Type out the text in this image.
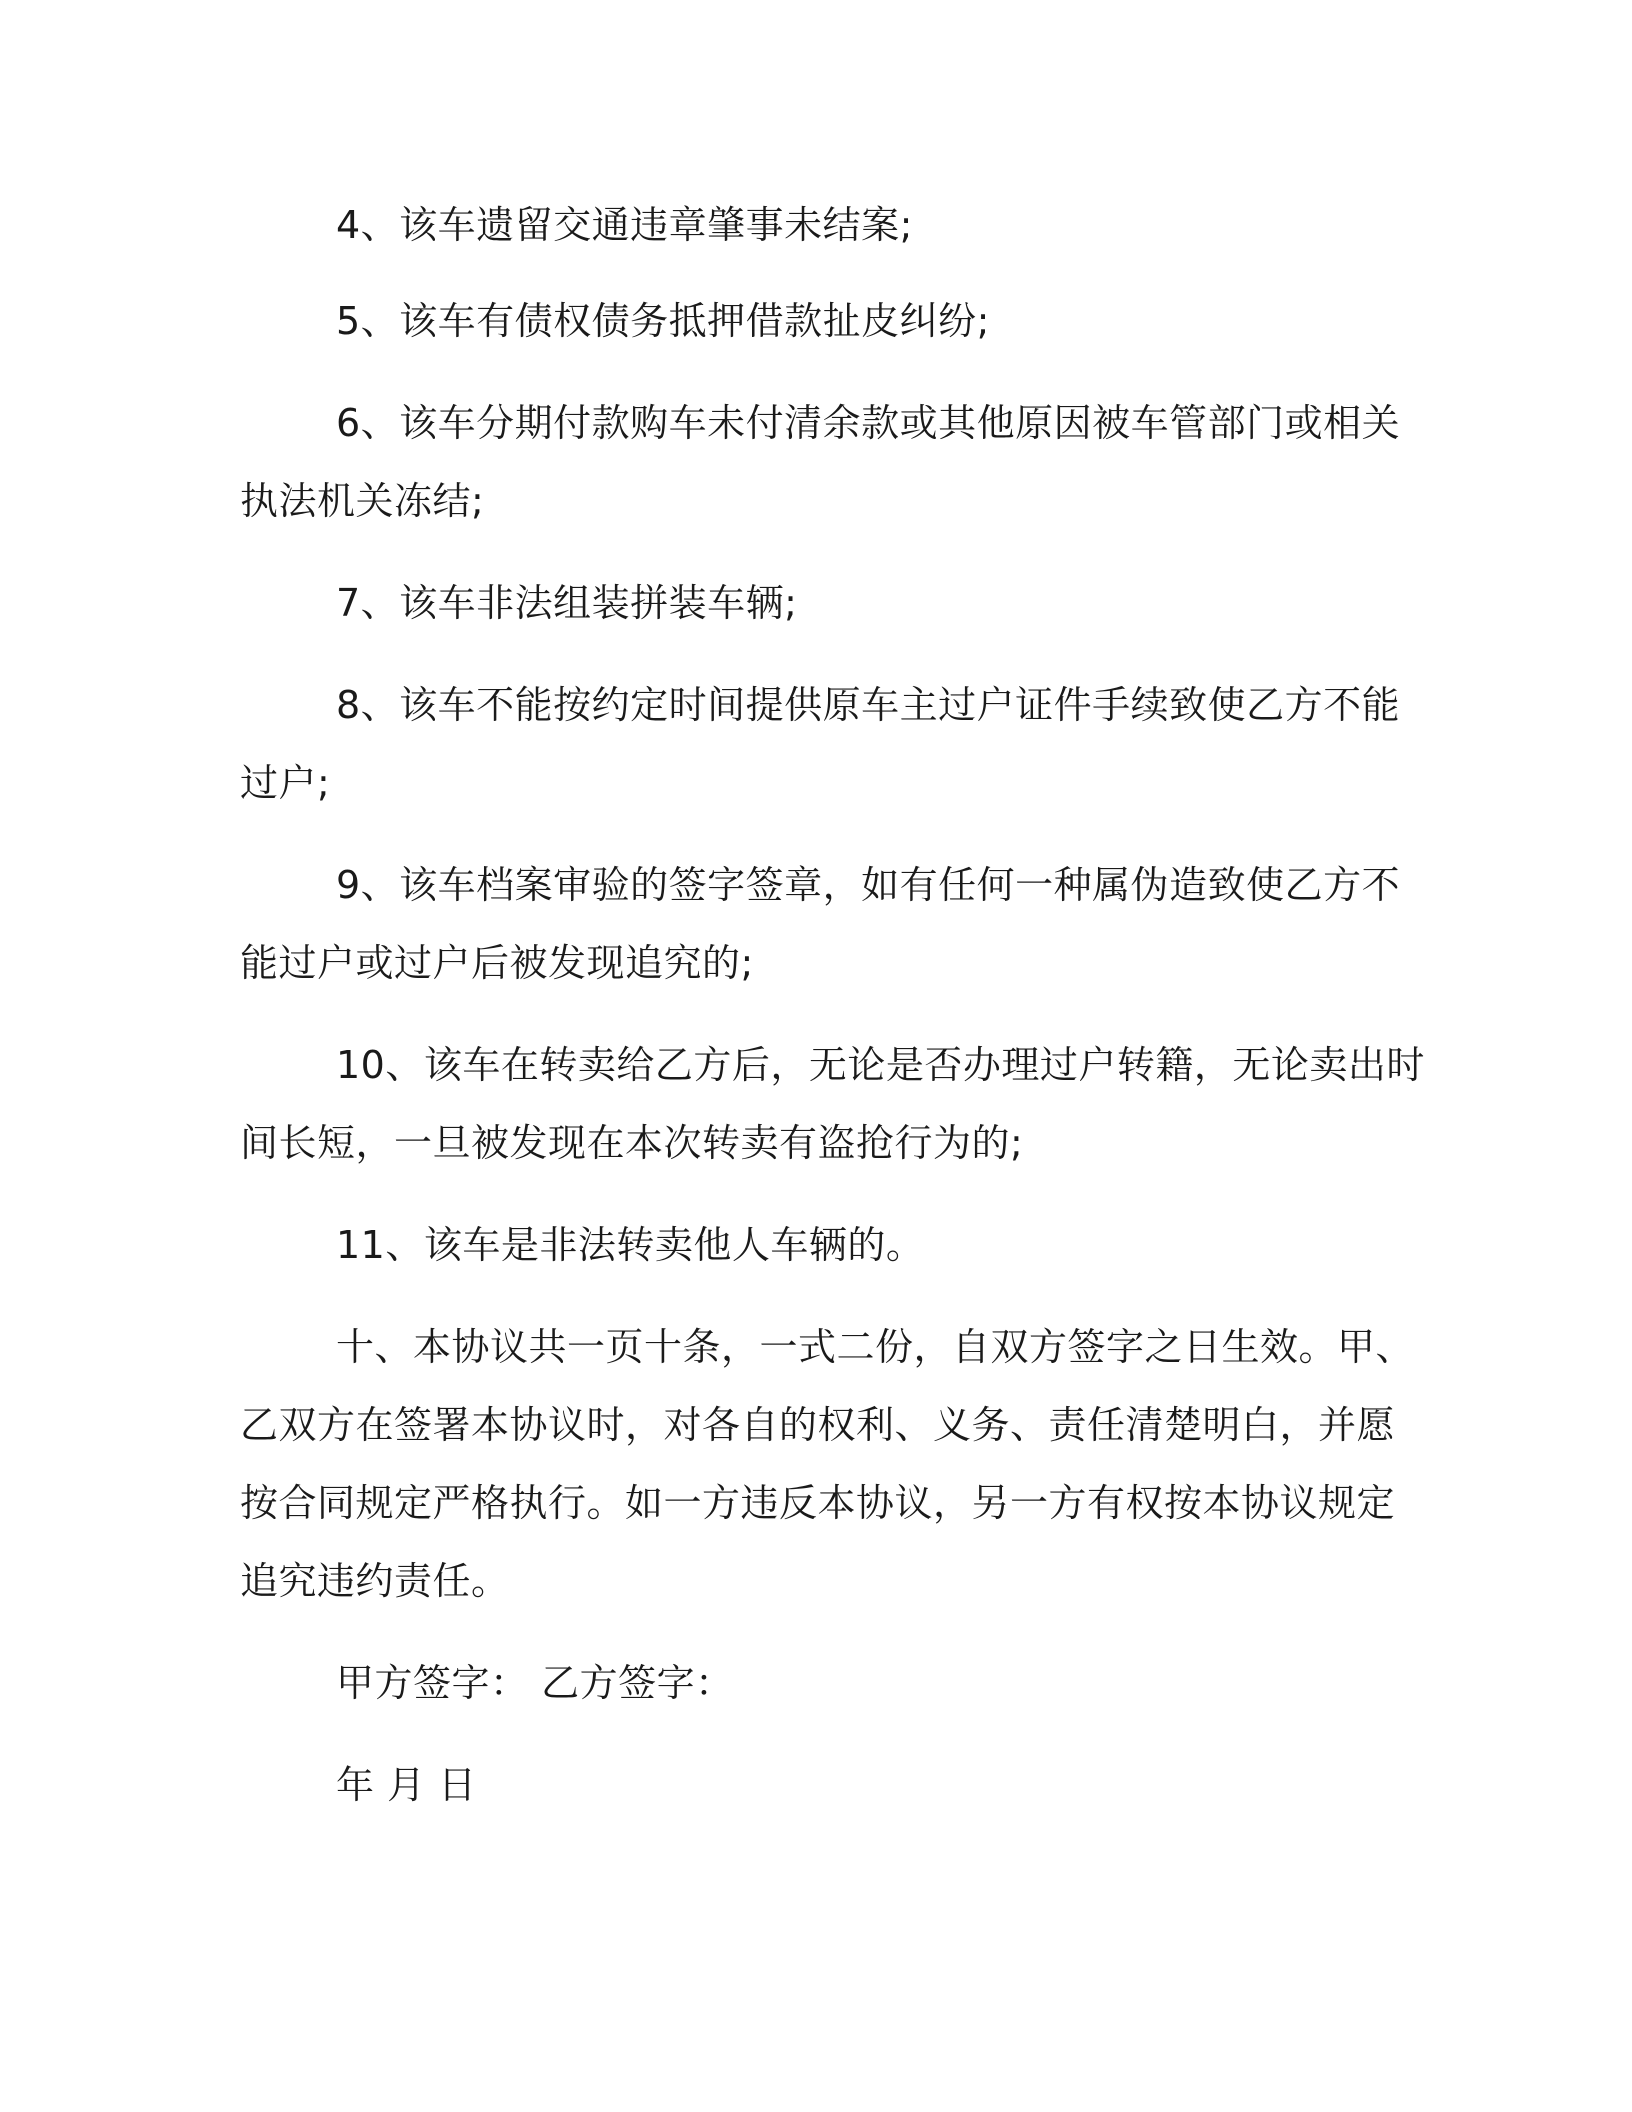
4、该车遗留交通违章肇事未结案;

5、该车有债权债务抵押借款扯皮纠纷;

6、该车分期付款购车未付清余款或其他原因被车管部门或相关
执法机关冻结;

7、该车非法组装拼装车辆;

8、该车不能按约定时间提供原车主过户证件手续致使乙方不能
过户;

9、该车档案审验的签字签章，如有任何一种属伪造致使乙方不
能过户或过户后被发现追究的;

10、该车在转卖给乙方后，无论是否办理过户转籍，无论卖出时
间长短，一旦被发现在本次转卖有盗抢行为的;

11、该车是非法转卖他人车辆的。

十、本协议共一页十条，一式二份，自双方签字之日生效。甲、
乙双方在签署本协议时，对各自的权利、义务、责任清楚明白，并愿
按合同规定严格执行。如一方违反本协议，另一方有权按本协议规定
追究违约责任。

甲方签字： 乙方签字：

年 月 日
